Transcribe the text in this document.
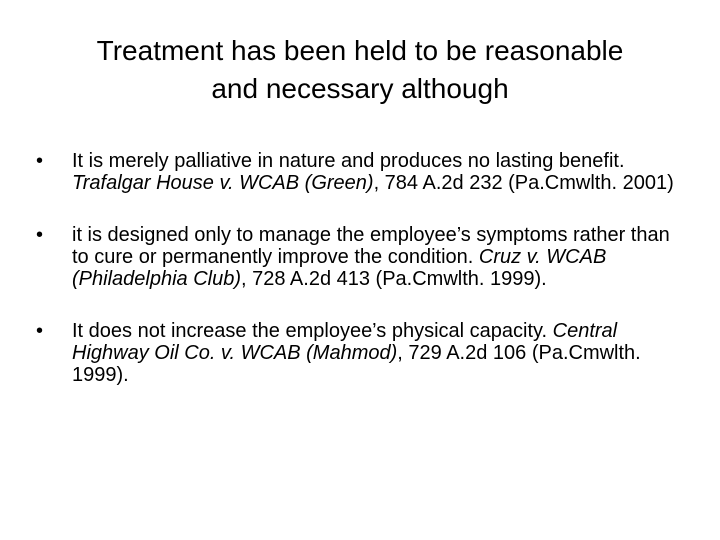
Treatment has been held to be reasonable
and necessary although
•	It is merely palliative in nature and produces no lasting benefit. Trafalgar House v. WCAB (Green), 784 A.2d 232 (Pa.Cmwlth. 2001)
•	it is designed only to manage the employee’s symptoms rather than to cure or permanently improve the condition. Cruz v. WCAB (Philadelphia Club), 728 A.2d 413 (Pa.Cmwlth. 1999).
•	It does not increase the employee’s physical capacity. Central Highway Oil Co. v. WCAB (Mahmod), 729 A.2d 106 (Pa.Cmwlth. 1999).
